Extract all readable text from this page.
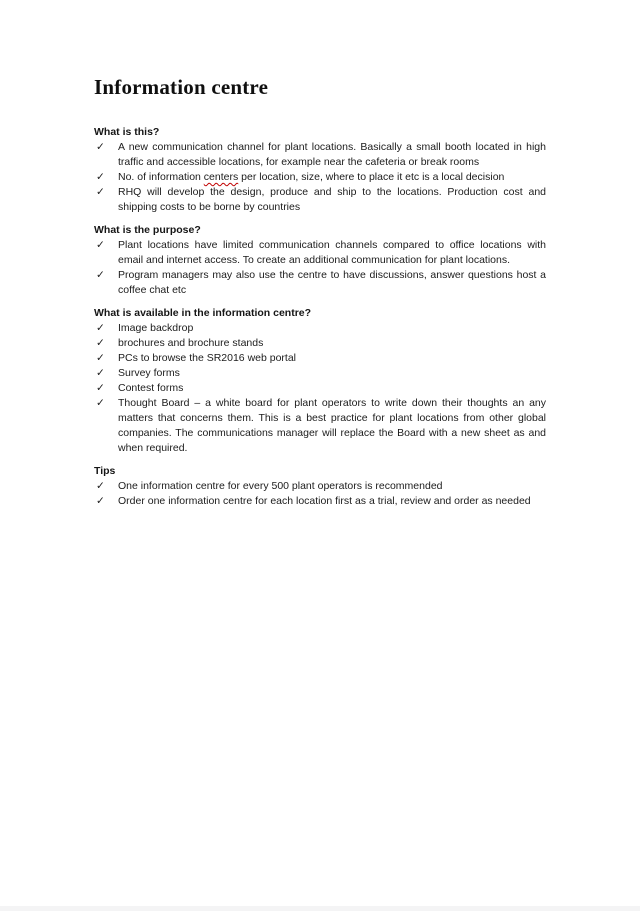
Information centre
What is this?
✓	A new communication channel for plant locations. Basically a small booth located in high traffic and accessible locations, for example near the cafeteria or break rooms
✓	No. of information centers per location, size, where to place it etc is a local decision
✓	RHQ will develop the design, produce and ship to the locations. Production cost and shipping costs to be borne by countries
What is the purpose?
✓	Plant locations have limited communication channels compared to office locations with email and internet access. To create an additional communication for plant locations.
✓	Program managers may also use the centre to have discussions, answer questions host a coffee chat etc
What is available in the information centre?
✓	Image backdrop
✓	brochures and brochure stands
✓	PCs to browse the SR2016 web portal
✓	Survey forms
✓	Contest forms
✓	Thought Board – a white board for plant operators to write down their thoughts an any matters that concerns them. This is a best practice for plant locations from other global companies. The communications manager will replace the Board with a new sheet as and when required.
Tips
✓	One information centre for every 500 plant operators is recommended
✓	Order one information centre for each location first as a trial, review and order as needed
